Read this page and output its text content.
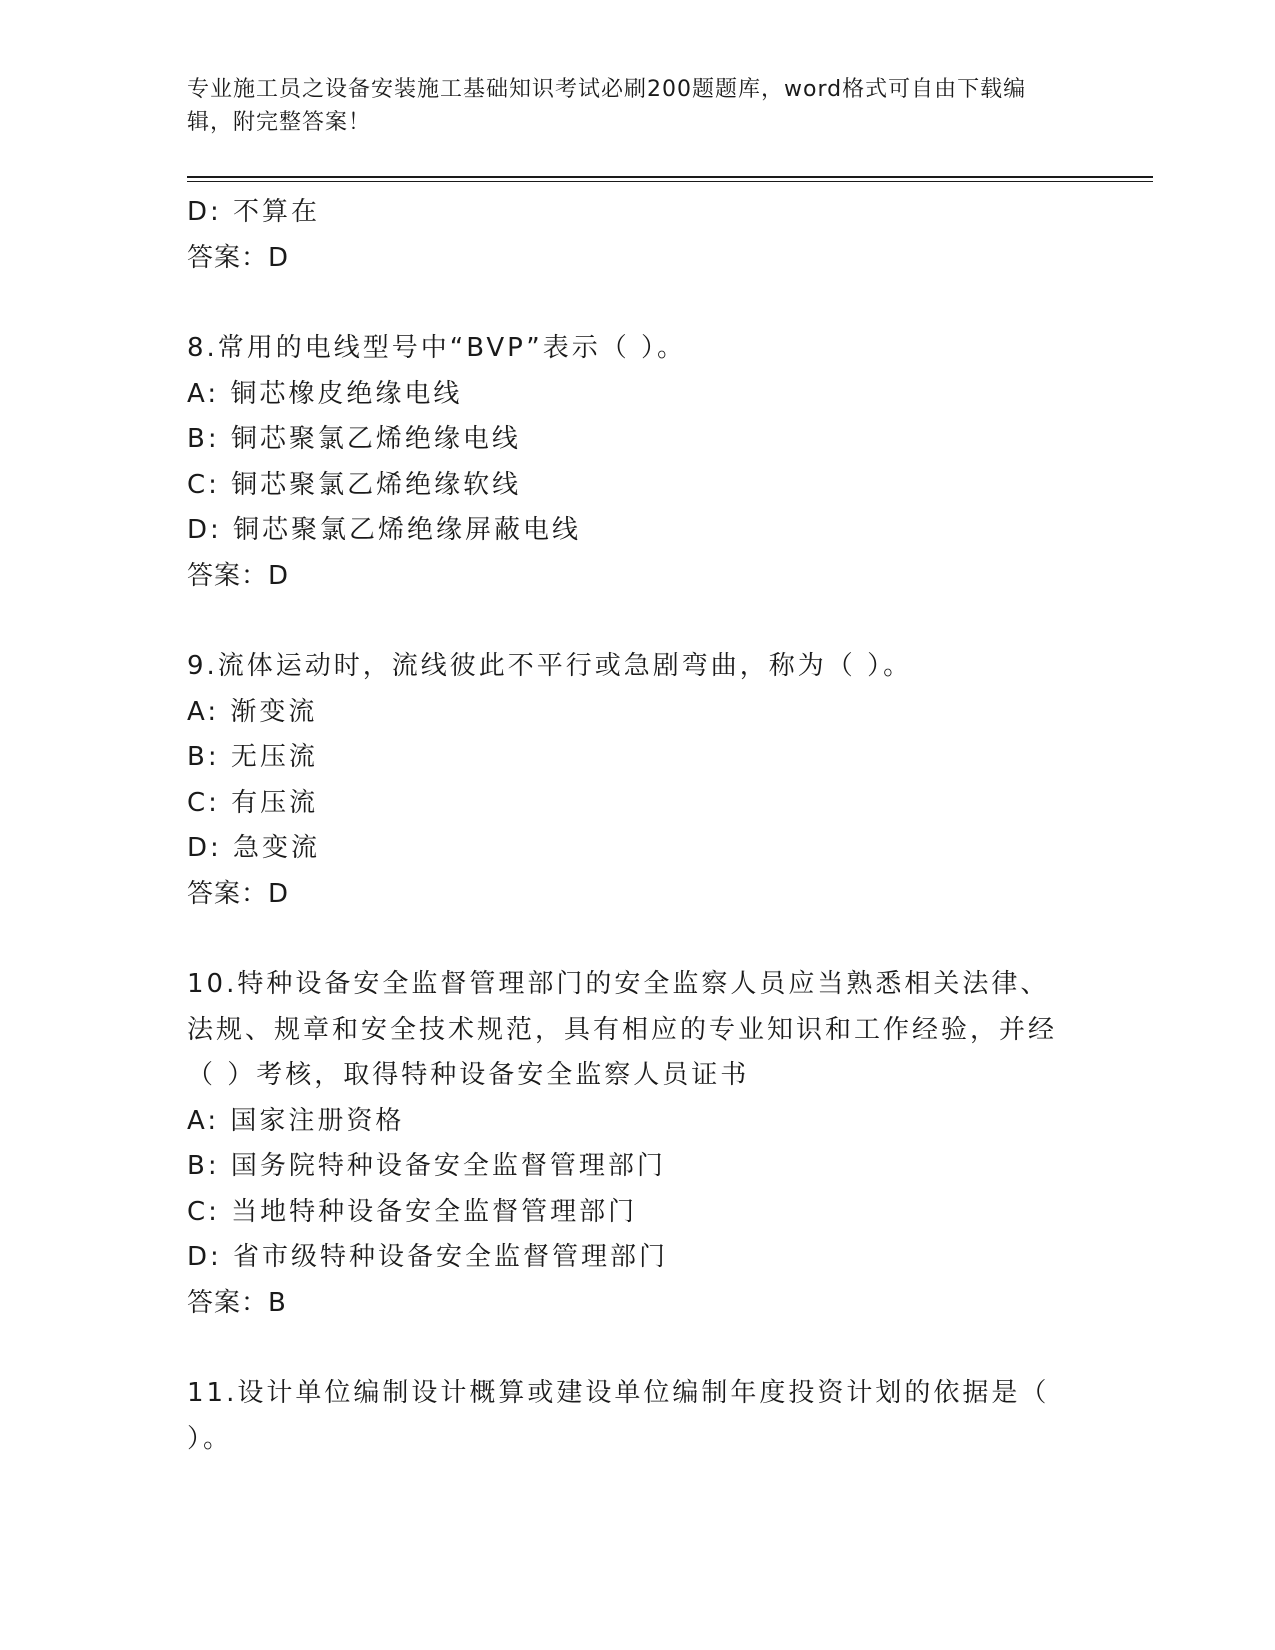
专业施工员之设备安装施工基础知识考试必刷200题题库，word格式可自由下载编辑，附完整答案！
D: 不算在
答案：D
8.常用的电线型号中“BVP”表示（ ）。
A: 铜芯橡皮绝缘电线
B: 铜芯聚氯乙烯绝缘电线
C: 铜芯聚氯乙烯绝缘软线
D: 铜芯聚氯乙烯绝缘屏蔽电线
答案：D
9.流体运动时，流线彼此不平行或急剧弯曲，称为（ ）。
A: 渐变流
B: 无压流
C: 有压流
D: 急变流
答案：D
10.特种设备安全监督管理部门的安全监察人员应当熟悉相关法律、法规、规章和安全技术规范，具有相应的专业知识和工作经验，并经（ ）考核，取得特种设备安全监察人员证书
A: 国家注册资格
B: 国务院特种设备安全监督管理部门
C: 当地特种设备安全监督管理部门
D: 省市级特种设备安全监督管理部门
答案：B
11.设计单位编制设计概算或建设单位编制年度投资计划的依据是（ ）。
